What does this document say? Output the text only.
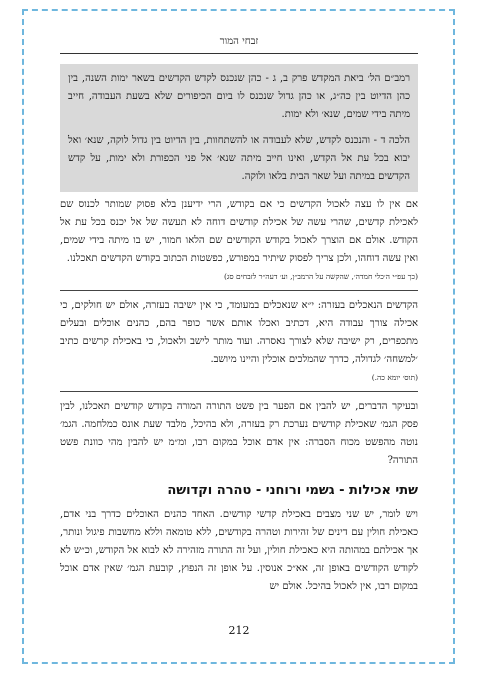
זבחי המור

רמב״ם הל׳ ביאת המקדש פרק ב, ג - כהן שנכנס לקדש הקדשים בשאר ימות השנה, בין כהן הדיוט בין כה״ג, או כהן גדול שנכנס לו ביום הכיפורים שלא בשעת העבודה, חייב מיתה בידי שמים, שנא׳ ולא ימות.

הלכה ד - והנכנס לקדש, שלא לעבודה או להשתחוות, בין הדיוט בין גדול לוקה, שנא׳ ואל יבוא בכל עת אל הקדש, ואינו חייב מיתה שנא׳ אל פני הכפורת ולא ימות, על קדש הקדשים במיתה ועל שאר הבית בלאו ולוקה.

אם אין לו עצה לאכול הקדשים כי אם בקודש, הרי ידיענן בלא פסוק שמותר לכנוס שם לאכילת קדשים, שהרי עשה של אכילת קודשים דוחה לא תעשה של אל יכנס בכל עת אל הקודש. אולם אם הוצרך לאכול בקודש הקודשים שם הלאו חמור, יש בו מיתה בידי שמים, ואין עשה דוחהו, ולכן צריך לפסוק שיתיר במפורש, כפשטות הכתוב בקודש הקדשים תאכלנו.

(כך עפ״י ה׳כלי חמדה׳, שהקשה על הרמב״ן, וע׳ דעה״ר לזבחים סג)

הקדשים הנאכלים בעזרה: י״א שנאכלים במעומד, כי אין ישיבה בעזרה, אולם יש חולקים, כי אכילה צורך עבודה היא, דכתיב ואכלו אותם אשר כופר בהם, כהנים אוכלים ובעלים מתכפרים, רק ישיבה שלא לצורך נאסרה. ועוד מותר לישב ולאכול, כי באכילת קרשים כתיב ׳למשחה׳ לגדולה, כדרך שהמלכים אוכלין והיינו מיושב.

(תוס׳ יומא כה.)

ובעיקר הדברים, יש להבין אם הפער בין פשט התורה המורה בקודש קודשים תאכלנו, לבין פסק הגמ׳ שאכילת קודשים נערכת רק בעזרה, ולא בהיכל, מלבד שעת אונס כמלחמה. הגמ׳ נוטה מהפשט מכוח הסברה: אין אדם אוכל במקום רבו, ומ״מ יש להבין מהי כוונת פשט התורה?

שתי אכילות - גשמי ורוחני - טהרה וקדושה

ויש לומר, יש שני מצבים באכילת קדשי קודשים. האחד כהנים האוכלים כדרך בני אדם, כאכילת חולין עם דינים של זהירות וטהרה בקודשים, ללא טומאה וללא מחשבות פיגול ונותר, אך אכילתם במהותה היא כאכילת חולין, ועל זה התורה מזהירה לא לבוא אל הקודש, וכ״ש לא לקודש הקודשים באופן זה, אא״כ אנוסין. על אופן זה הנפוץ, קובעת הגמ׳ שאין אדם אוכל במקום רבו, אין לאכול בהיכל. אולם יש

212
